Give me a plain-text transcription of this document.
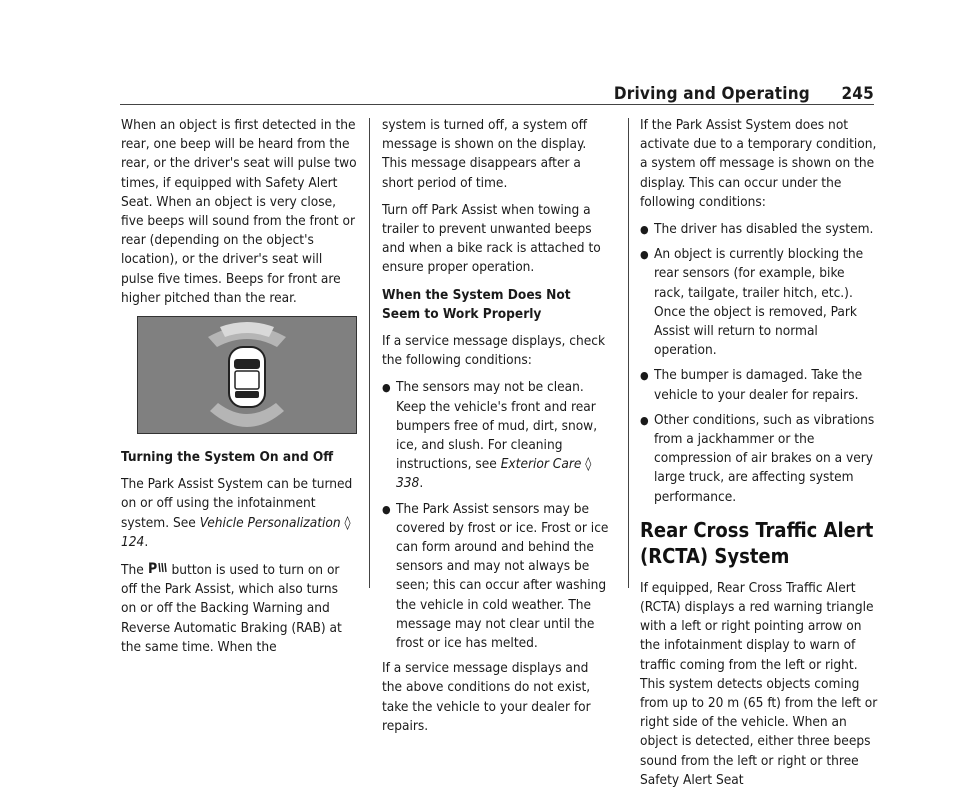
Driving and Operating 245

When an object is first detected in the rear, one beep will be heard from the rear, or the driver's seat will pulse two times, if equipped with Safety Alert Seat. When an object is very close, five beeps will sound from the front or rear (depending on the object's location), or the driver's seat will pulse five times. Beeps for front are higher pitched than the rear.

Turning the System On and Off

The Park Assist System can be turned on or off using the infotainment system. See Vehicle Personalization ◊ 124.

The P button is used to turn on or off the Park Assist, which also turns on or off the Backing Warning and Reverse Automatic Braking (RAB) at the same time. When the

system is turned off, a system off message is shown on the display. This message disappears after a short period of time.

Turn off Park Assist when towing a trailer to prevent unwanted beeps and when a bike rack is attached to ensure proper operation.

When the System Does Not Seem to Work Properly

If a service message displays, check the following conditions:

● The sensors may not be clean. Keep the vehicle's front and rear bumpers free of mud, dirt, snow, ice, and slush. For cleaning instructions, see Exterior Care ◊ 338.
● The Park Assist sensors may be covered by frost or ice. Frost or ice can form around and behind the sensors and may not always be seen; this can occur after washing the vehicle in cold weather. The message may not clear until the frost or ice has melted.

If a service message displays and the above conditions do not exist, take the vehicle to your dealer for repairs.

If the Park Assist System does not activate due to a temporary condition, a system off message is shown on the display. This can occur under the following conditions:

● The driver has disabled the system.
● An object is currently blocking the rear sensors (for example, bike rack, tailgate, trailer hitch, etc.). Once the object is removed, Park Assist will return to normal operation.
● The bumper is damaged. Take the vehicle to your dealer for repairs.
● Other conditions, such as vibrations from a jackhammer or the compression of air brakes on a very large truck, are affecting system performance.
Rear Cross Traffic Alert (RCTA) System

If equipped, Rear Cross Traffic Alert (RCTA) displays a red warning triangle with a left or right pointing arrow on the infotainment display to warn of traffic coming from the left or right. This system detects objects coming from up to 20 m (65 ft) from the left or right side of the vehicle. When an object is detected, either three beeps sound from the left or right or three Safety Alert Seat
